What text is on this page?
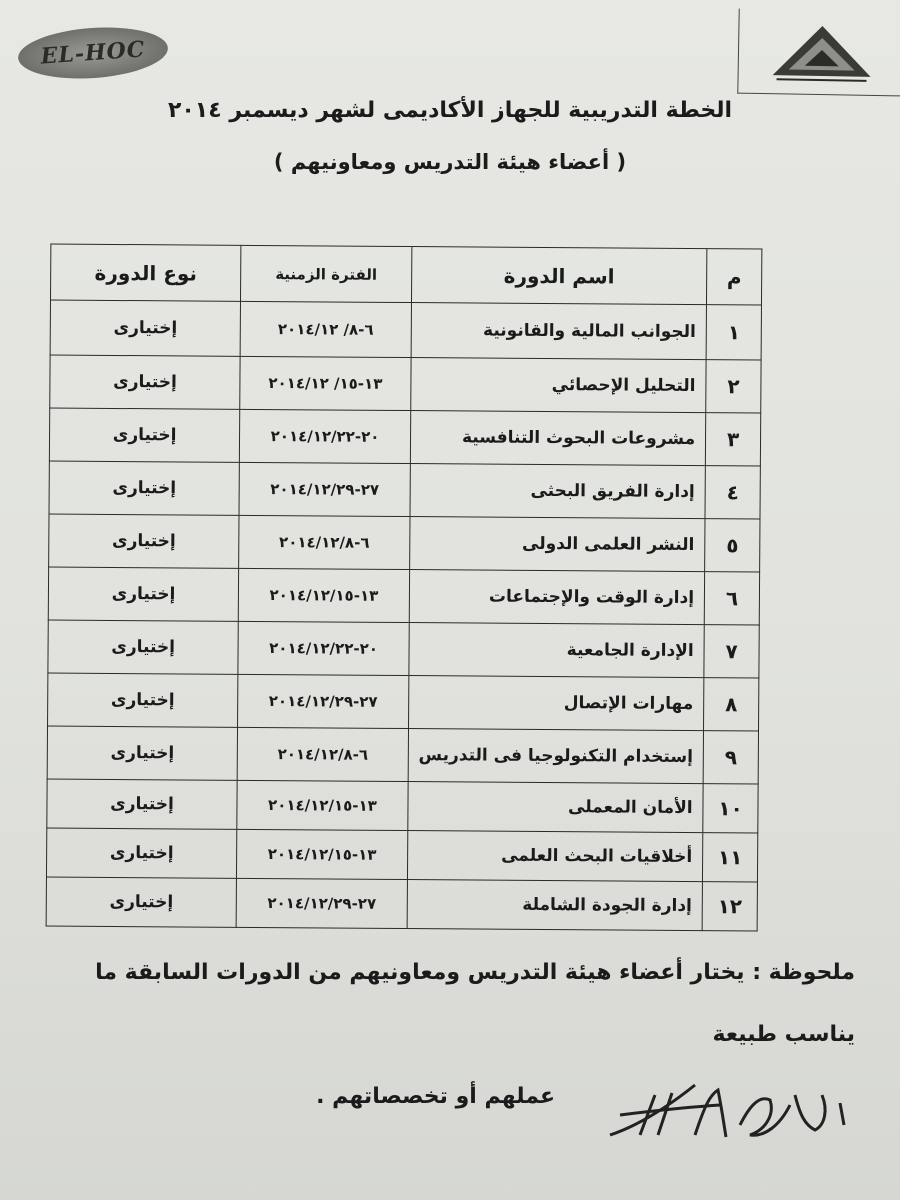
EL-HOC
الخطة التدريبية للجهاز الأكاديمى لشهر ديسمبر ٢٠١٤
( أعضاء هيئة التدريس ومعاونيهم )
م	اسم الدورة	الفترة الزمنية	نوع الدورة
١	الجوانب المالية والقانونية	٦-٨/ ٢٠١٤/١٢	إختيارى
٢	التحليل الإحصائي	١٣-١٥/ ٢٠١٤/١٢	إختيارى
٣	مشروعات البحوث التنافسية	٢٠-٢٠١٤/١٢/٢٢	إختيارى
٤	إدارة الفريق البحثى	٢٧-٢٠١٤/١٢/٢٩	إختيارى
٥	النشر العلمى الدولى	٦-٢٠١٤/١٢/٨	إختيارى
٦	إدارة الوقت والإجتماعات	١٣-٢٠١٤/١٢/١٥	إختيارى
٧	الإدارة الجامعية	٢٠-٢٠١٤/١٢/٢٢	إختيارى
٨	مهارات الإتصال	٢٧-٢٠١٤/١٢/٢٩	إختيارى
٩	إستخدام التكنولوجيا فى التدريس	٦-٢٠١٤/١٢/٨	إختيارى
١٠	الأمان المعملى	١٣-٢٠١٤/١٢/١٥	إختيارى
١١	أخلاقيات البحث العلمى	١٣-٢٠١٤/١٢/١٥	إختيارى
١٢	إدارة الجودة الشاملة	٢٧-٢٠١٤/١٢/٢٩	إختيارى
ملحوظة : يختار أعضاء هيئة التدريس ومعاونيهم من الدورات السابقة ما يناسب طبيعة
عملهم أو تخصصاتهم .
